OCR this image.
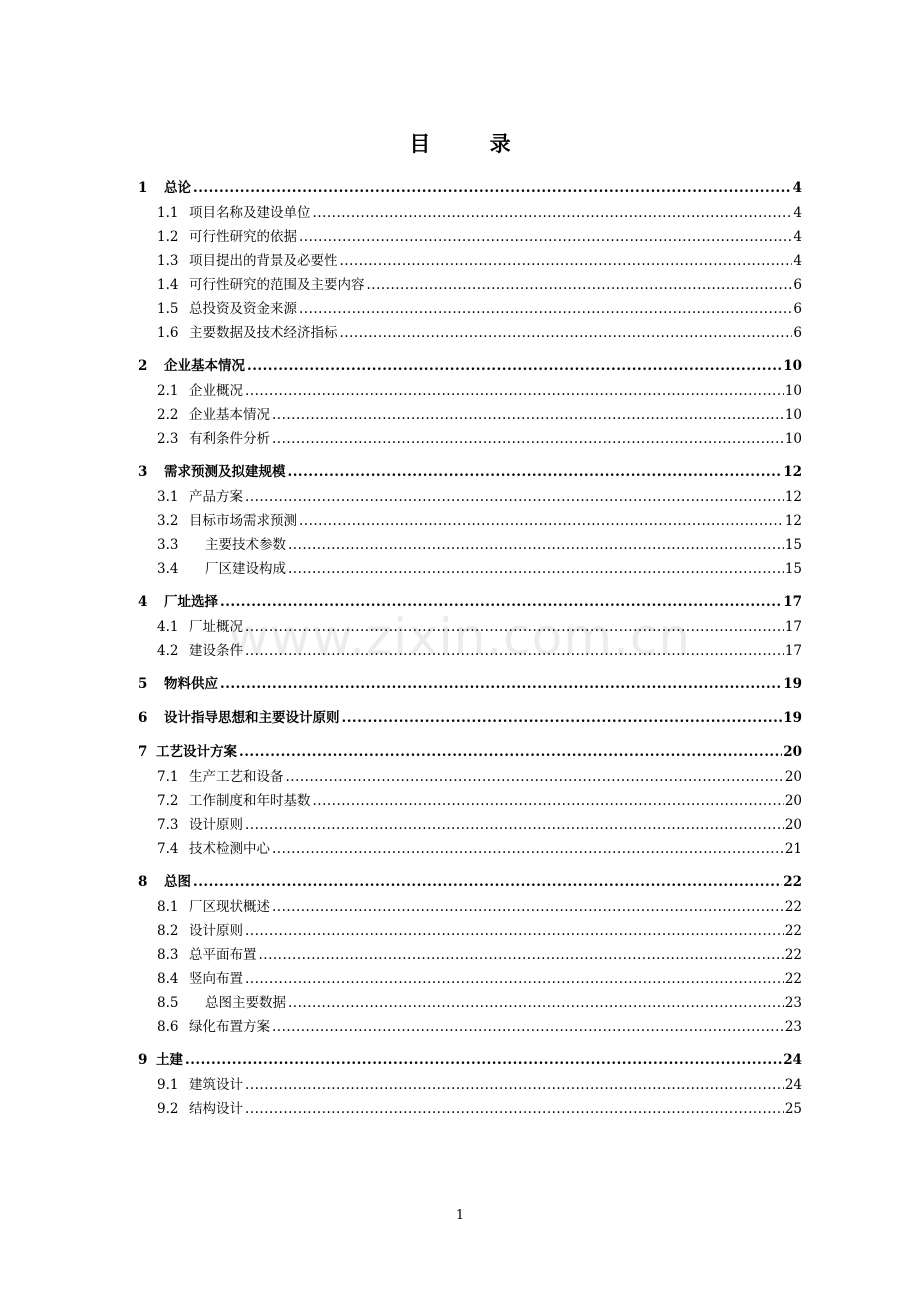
目 录
www.zixin.com.cn
1	总论 .....	4
1.1 项目名称及建设单位 .....	4
1.2 可行性研究的依据 .....	4
1.3 项目提出的背景及必要性 .....	4
1.4 可行性研究的范围及主要内容 .....	6
1.5 总投资及资金来源 .....	6
1.6 主要数据及技术经济指标 .....	6
2	企业基本情况 .....	10
2.1 企业概况 .....	10
2.2 企业基本情况 .....	10
2.3 有利条件分析 .....	10
3	需求预测及拟建规模 .....	12
3.1 产品方案 .....	12
3.2 目标市场需求预测 .....	12
3.3	主要技术参数 .....	15
3.4	厂区建设构成 .....	15
4	厂址选择 .....	17
4.1 厂址概况 .....	17
4.2 建设条件 .....	17
5	物料供应 .....	19
6	设计指导思想和主要设计原则 .....	19
7 工艺设计方案 .....	20
7.1 生产工艺和设备 .....	20
7.2 工作制度和年时基数 .....	20
7.3 设计原则 .....	20
7.4 技术检测中心 .....	21
8	总图 .....	22
8.1 厂区现状概述 .....	22
8.2 设计原则 .....	22
8.3 总平面布置 .....	22
8.4 竖向布置 .....	22
8.5	总图主要数据 .....	23
8.6 绿化布置方案 .....	23
9 土建 .....	24
9.1 建筑设计 .....	24
9.2 结构设计 .....	25
1
